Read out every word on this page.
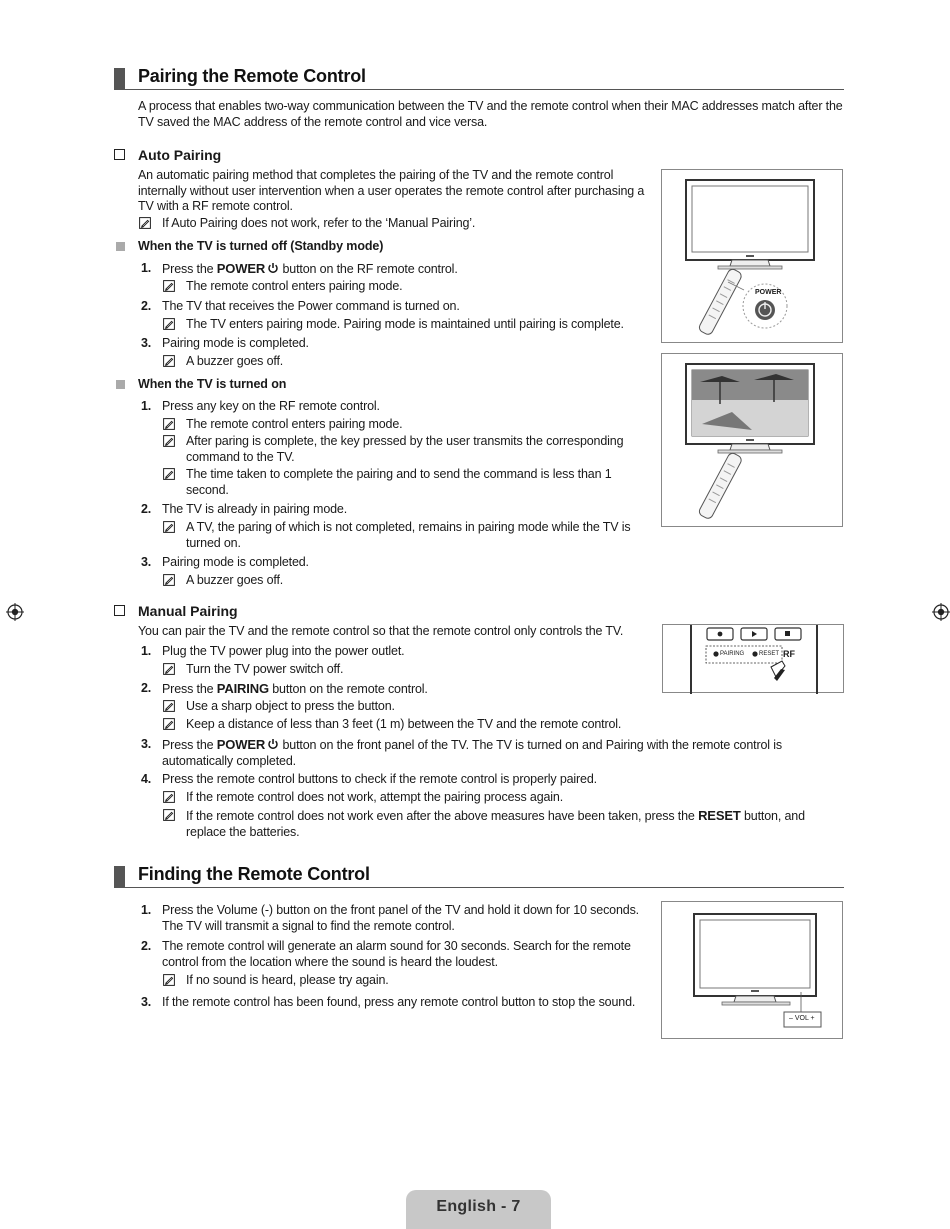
Pairing the Remote Control
A process that enables two-way communication between the TV and the remote control when their MAC addresses match after the TV saved the MAC address of the remote control and vice versa.
Auto Pairing
An automatic pairing method that completes the pairing of the TV and the remote control internally without user intervention when a user operates the remote control after purchasing a TV with a RF remote control.
If Auto Pairing does not work, refer to the ‘Manual Pairing’.
When the TV is turned off (Standby mode)
1. Press the POWER button on the RF remote control.
The remote control enters pairing mode.
2. The TV that receives the Power command is turned on.
The TV enters pairing mode. Pairing mode is maintained until pairing is complete.
3. Pairing mode is completed.
A buzzer goes off.
When the TV is turned on
1. Press any key on the RF remote control.
The remote control enters pairing mode.
After paring is complete, the key pressed by the user transmits the corresponding command to the TV.
The time taken to complete the pairing and to send the command is less than 1 second.
2. The TV is already in pairing mode.
A TV, the paring of which is not completed, remains in pairing mode while the TV is turned on.
3. Pairing mode is completed.
A buzzer goes off.
Manual Pairing
You can pair the TV and the remote control so that the remote control only controls the TV.
1. Plug the TV power plug into the power outlet.
Turn the TV power switch off.
2. Press the PAIRING button on the remote control.
Use a sharp object to press the button.
Keep a distance of less than 3 feet (1 m) between the TV and the remote control.
3. Press the POWER button on the front panel of the TV. The TV is turned on and Pairing with the remote control is automatically completed.
4. Press the remote control buttons to check if the remote control is properly paired.
If the remote control does not work, attempt the pairing process again.
If the remote control does not work even after the above measures have been taken, press the RESET button, and replace the batteries.
Finding the Remote Control
1. Press the Volume (-) button on the front panel of the TV and hold it down for 10 seconds. The TV will transmit a signal to find the remote control.
2. The remote control will generate an alarm sound for 30 seconds. Search for the remote control from the location where the sound is heard the loudest.
If no sound is heard, please try again.
3. If the remote control has been found, press any remote control button to stop the sound.
POWER
PAIRING RESET RF
– VOL +
English - 7
